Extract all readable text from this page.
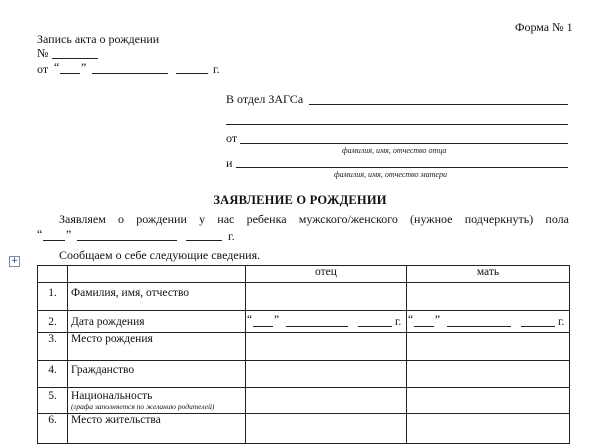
Форма № 1
Запись акта о рождении
№
от “ ”	г.
В отдел ЗАГСа
от
фамилия, имя, отчество отца
и
фамилия, имя, отчество матери
ЗАЯВЛЕНИЕ О РОЖДЕНИИ
Заявляем о рождении у нас ребенка мужского/женского (нужное подчеркнуть) пола
“ ”	г.
+	Сообщаем о себе следующие сведения.
		отец	мать
1.	Фамилия, имя, отчество		
2.	Дата рождения	“ ” г.	“ ” г.

3.	Место рождения		
4.	Гражданство		
5.	Национальность
(графа заполняется по желанию родителей)		

6.	Место жительства		
